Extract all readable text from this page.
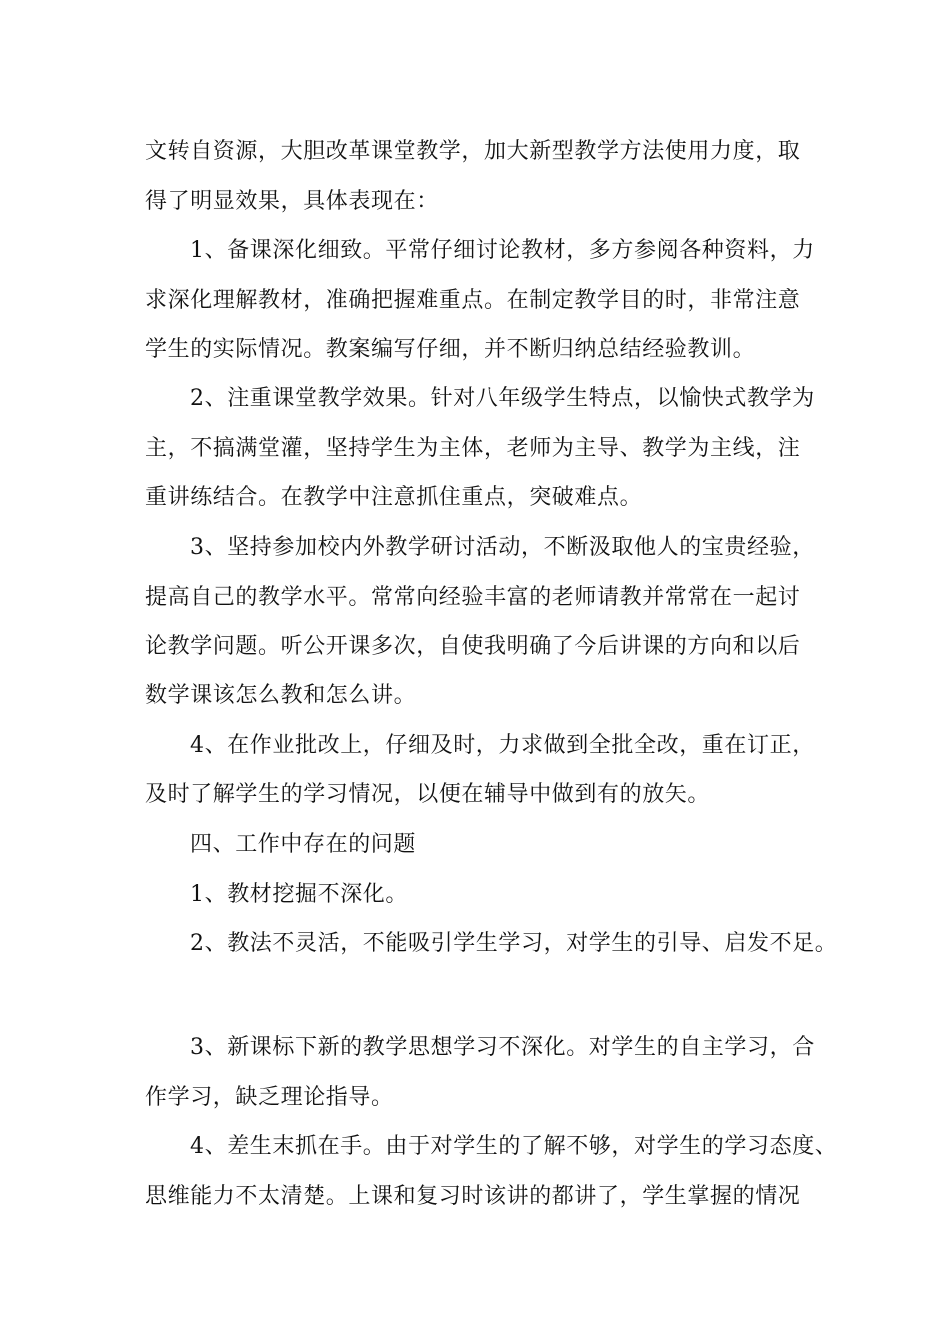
文转自资源，大胆改革课堂教学，加大新型教学方法使用力度，取

得了明显效果，具体表现在：

1、备课深化细致。平常仔细讨论教材，多方参阅各种资料，力

求深化理解教材，准确把握难重点。在制定教学目的时，非常注意

学生的实际情况。教案编写仔细，并不断归纳总结经验教训。

2、注重课堂教学效果。针对八年级学生特点，以愉快式教学为

主，不搞满堂灌，坚持学生为主体，老师为主导、教学为主线，注

重讲练结合。在教学中注意抓住重点，突破难点。

3、坚持参加校内外教学研讨活动，不断汲取他人的宝贵经验，

提高自己的教学水平。常常向经验丰富的老师请教并常常在一起讨

论教学问题。听公开课多次，自使我明确了今后讲课的方向和以后

数学课该怎么教和怎么讲。

4、在作业批改上，仔细及时，力求做到全批全改，重在订正，

及时了解学生的学习情况，以便在辅导中做到有的放矢。

四、工作中存在的问题

1、教材挖掘不深化。

2、教法不灵活，不能吸引学生学习，对学生的引导、启发不足。

3、新课标下新的教学思想学习不深化。对学生的自主学习，合

作学习，缺乏理论指导。

4、差生末抓在手。由于对学生的了解不够，对学生的学习态度、

思维能力不太清楚。上课和复习时该讲的都讲了，学生掌握的情况
